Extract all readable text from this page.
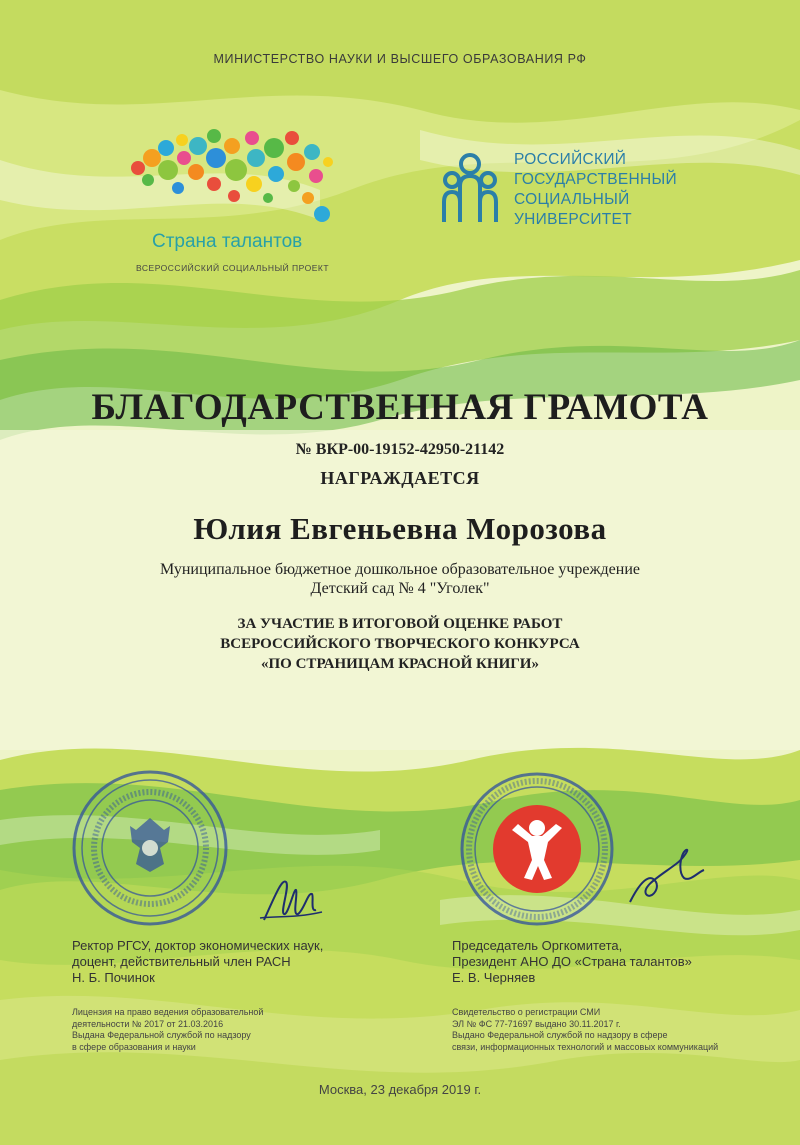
МИНИСТЕРСТВО НАУКИ И ВЫСШЕГО ОБРАЗОВАНИЯ РФ
Страна талантов
ВСЕРОССИЙСКИЙ СОЦИАЛЬНЫЙ ПРОЕКТ
РОССИЙСКИЙ
ГОСУДАРСТВЕННЫЙ
СОЦИАЛЬНЫЙ
УНИВЕРСИТЕТ
БЛАГОДАРСТВЕННАЯ ГРАМОТА
№ ВКР-00-19152-42950-21142
НАГРАЖДАЕТСЯ
Юлия Евгеньевна Морозова
Муниципальное бюджетное дошкольное образовательное учреждение
Детский сад № 4 "Уголек"
ЗА УЧАСТИЕ В ИТОГОВОЙ ОЦЕНКЕ РАБОТ
ВСЕРОССИЙСКОГО ТВОРЧЕСКОГО КОНКУРСА
«ПО СТРАНИЦАМ КРАСНОЙ КНИГИ»
Ректор РГСУ, доктор экономических наук,
доцент, действительный член РАСН
Н. Б. Починок
Лицензия на право ведения образовательной
деятельности № 2017 от 21.03.2016
Выдана Федеральной службой по надзору
в сфере образования и науки
Председатель Оргкомитета,
Президент АНО ДО «Страна талантов»
Е. В. Черняев
Свидетельство о регистрации СМИ
ЭЛ № ФС 77-71697 выдано 30.11.2017 г.
Выдано Федеральной службой по надзору в сфере
связи, информационных технологий и массовых коммуникаций
Москва, 23 декабря 2019 г.
